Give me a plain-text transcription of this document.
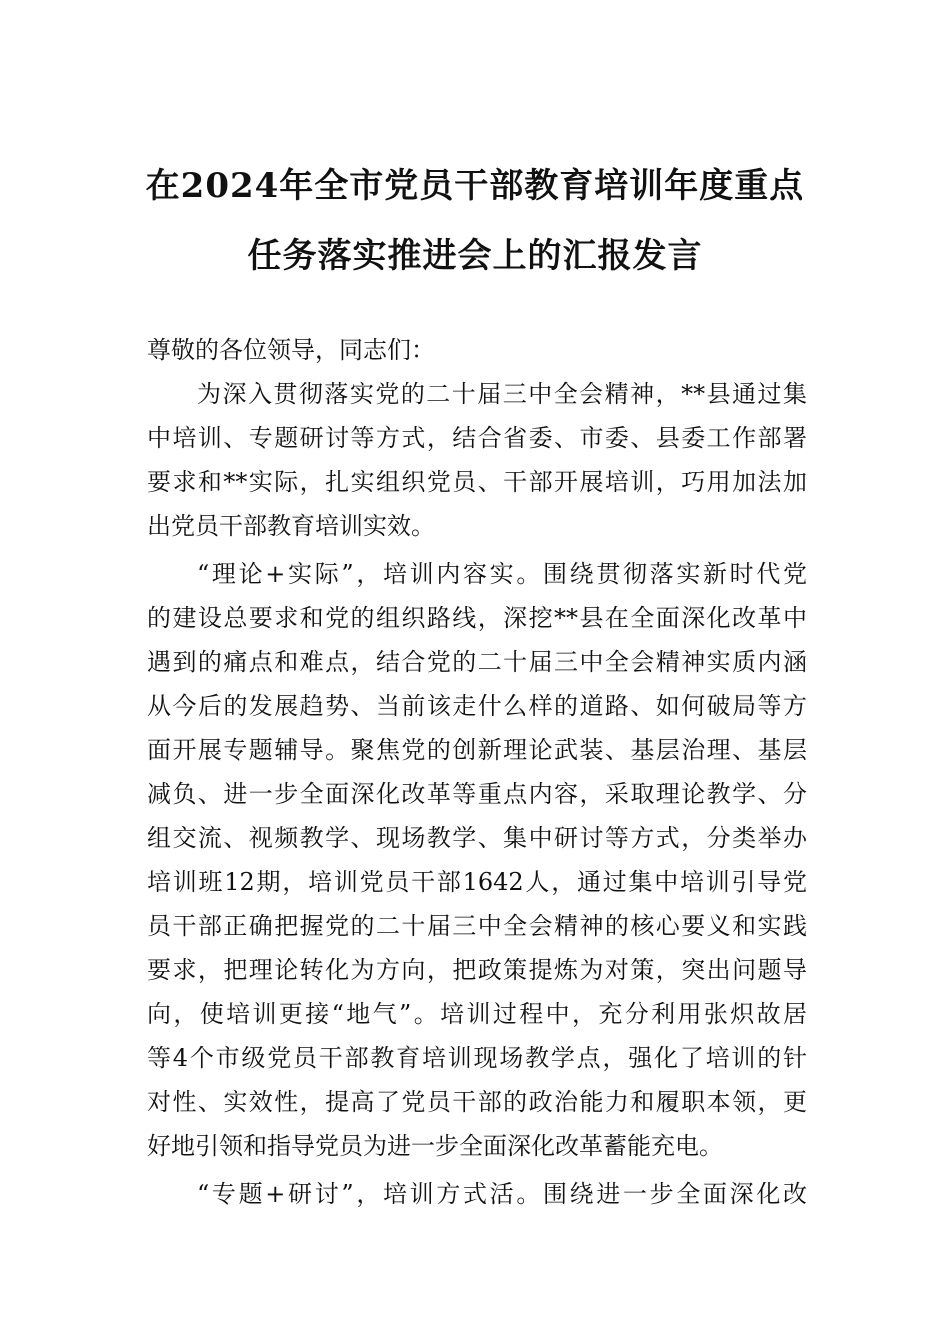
在2024年全市党员干部教育培训年度重点
任务落实推进会上的汇报发言
尊敬的各位领导，同志们：
为深入贯彻落实党的二十届三中全会精神，**县通过集
中培训、专题研讨等方式，结合省委、市委、县委工作部署
要求和**实际，扎实组织党员、干部开展培训，巧用加法加
出党员干部教育培训实效。
“理论+实际”，培训内容实。围绕贯彻落实新时代党
的建设总要求和党的组织路线，深挖**县在全面深化改革中
遇到的痛点和难点，结合党的二十届三中全会精神实质内涵
从今后的发展趋势、当前该走什么样的道路、如何破局等方
面开展专题辅导。聚焦党的创新理论武装、基层治理、基层
减负、进一步全面深化改革等重点内容，采取理论教学、分
组交流、视频教学、现场教学、集中研讨等方式，分类举办
培训班12期，培训党员干部1642人，通过集中培训引导党
员干部正确把握党的二十届三中全会精神的核心要义和实践
要求，把理论转化为方向，把政策提炼为对策，突出问题导
向，使培训更接“地气”。培训过程中，充分利用张炽故居
等4个市级党员干部教育培训现场教学点，强化了培训的针
对性、实效性，提高了党员干部的政治能力和履职本领，更
好地引领和指导党员为进一步全面深化改革蓄能充电。
“专题+研讨”，培训方式活。围绕进一步全面深化改
